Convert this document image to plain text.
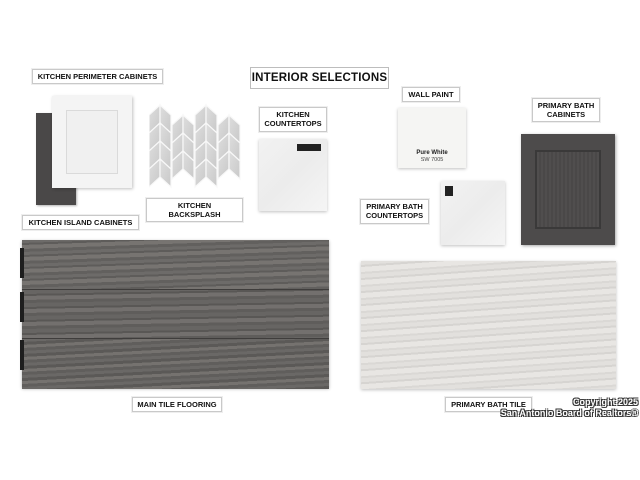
INTERIOR SELECTIONS
KITCHEN PERIMETER CABINETS
KITCHEN BACKSPLASH
KITCHEN
COUNTERTOPS
WALL PAINT
Pure White
SW 7005
PRIMARY BATH
CABINETS
KITCHEN ISLAND CABINETS
PRIMARY BATH
COUNTERTOPS
MAIN TILE FLOORING	PRIMARY BATH TILE	Copyright 2025
San Antonio Board of Realtors®
